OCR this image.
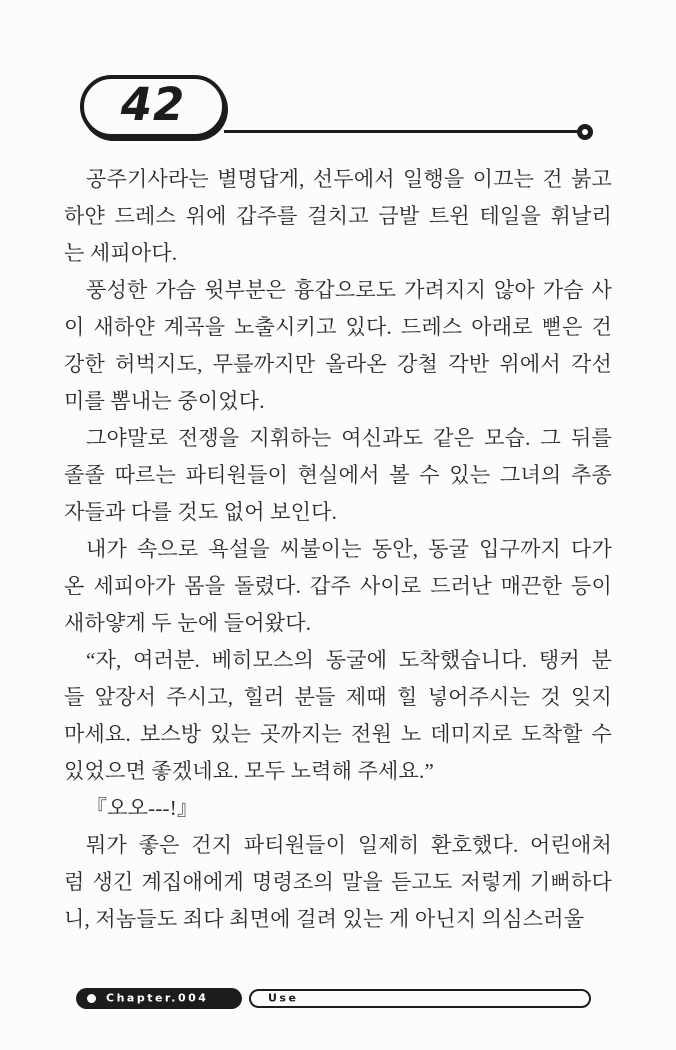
42
공주기사라는 별명답게, 선두에서 일행을 이끄는 건 붉고
하얀 드레스 위에 갑주를 걸치고 금발 트윈 테일을 휘날리
는 세피아다.
풍성한 가슴 윗부분은 흉갑으로도 가려지지 않아 가슴 사
이 새하얀 계곡을 노출시키고 있다. 드레스 아래로 뻗은 건
강한 허벅지도, 무릎까지만 올라온 강철 각반 위에서 각선
미를 뽐내는 중이었다.
그야말로 전쟁을 지휘하는 여신과도 같은 모습. 그 뒤를
졸졸 따르는 파티원들이 현실에서 볼 수 있는 그녀의 추종
자들과 다를 것도 없어 보인다.
내가 속으로 욕설을 씨불이는 동안, 동굴 입구까지 다가
온 세피아가 몸을 돌렸다. 갑주 사이로 드러난 매끈한 등이
새하얗게 두 눈에 들어왔다.
“자, 여러분. 베히모스의 동굴에 도착했습니다. 탱커 분
들 앞장서 주시고, 힐러 분들 제때 힐 넣어주시는 것 잊지
마세요. 보스방 있는 곳까지는 전원 노 데미지로 도착할 수
있었으면 좋겠네요. 모두 노력해 주세요.”
『오오---!』
뭐가 좋은 건지 파티원들이 일제히 환호했다. 어린애처
럼 생긴 계집애에게 명령조의 말을 듣고도 저렇게 기뻐하다
니, 저놈들도 죄다 최면에 걸려 있는 게 아닌지 의심스러울
Chapter.004	Use
